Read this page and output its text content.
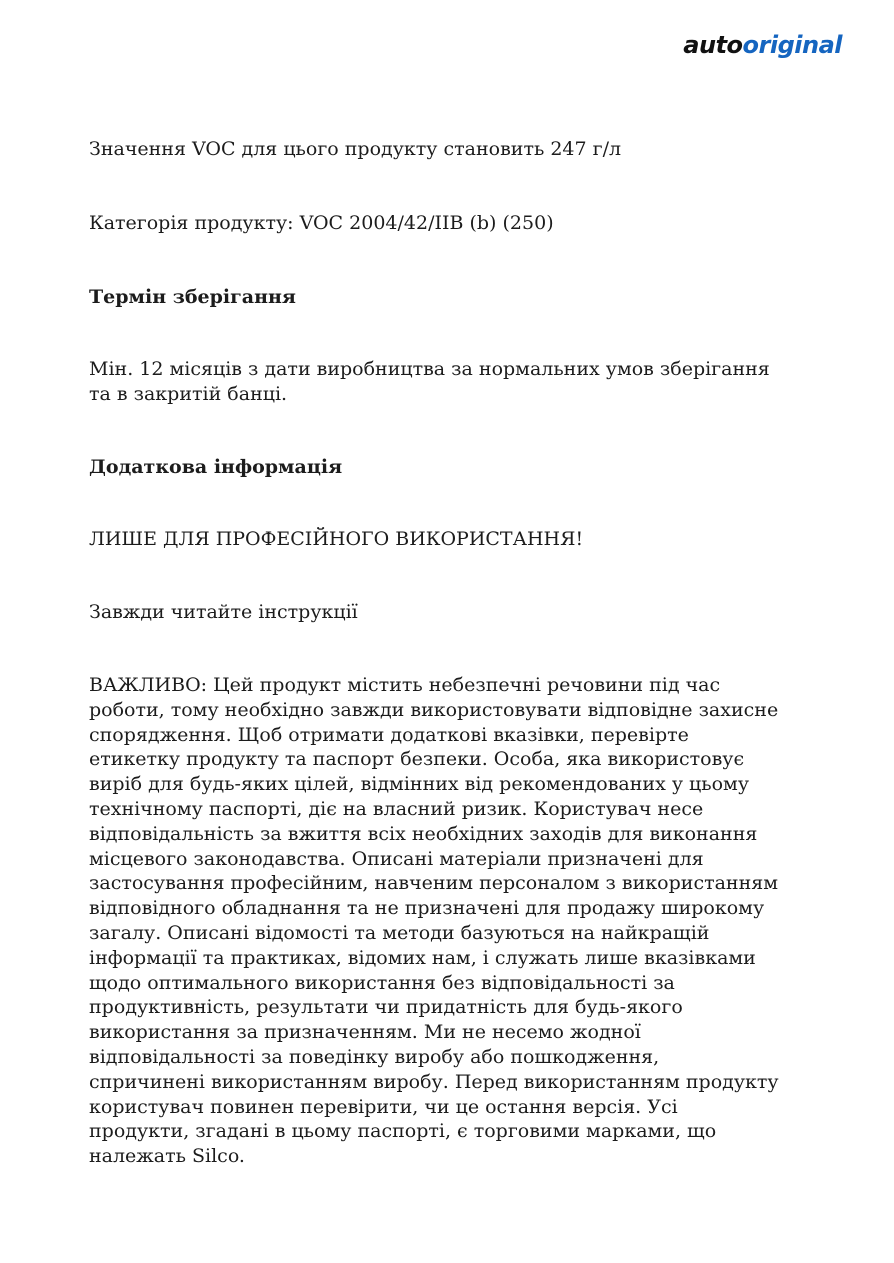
autooriginal

Значення VOC для цього продукту становить 247 г/л

Категорія продукту: VOC 2004/42/IIB (b) (250)

Термін зберігання

Мін. 12 місяців з дати виробництва за нормальних умов зберігання та в закритій банці.

Додаткова інформація

ЛИШЕ ДЛЯ ПРОФЕСІЙНОГО ВИКОРИСТАННЯ!

Завжди читайте інструкції

ВАЖЛИВО: Цей продукт містить небезпечні речовини під час роботи, тому необхідно завжди використовувати відповідне захисне спорядження. Щоб отримати додаткові вказівки, перевірте етикетку продукту та паспорт безпеки. Особа, яка використовує виріб для будь-яких цілей, відмінних від рекомендованих у цьому технічному паспорті, діє на власний ризик. Користувач несе відповідальність за вжиття всіх необхідних заходів для виконання місцевого законодавства. Описані матеріали призначені для застосування професійним, навченим персоналом з використанням відповідного обладнання та не призначені для продажу широкому загалу. Описані відомості та методи базуються на найкращій інформації та практиках, відомих нам, і служать лише вказівками щодо оптимального використання без відповідальності за продуктивність, результати чи придатність для будь-якого використання за призначенням. Ми не несемо жодної відповідальності за поведінку виробу або пошкодження, спричинені використанням виробу. Перед використанням продукту користувач повинен перевірити, чи це остання версія. Усі продукти, згадані в цьому паспорті, є торговими марками, що належать Silco.
